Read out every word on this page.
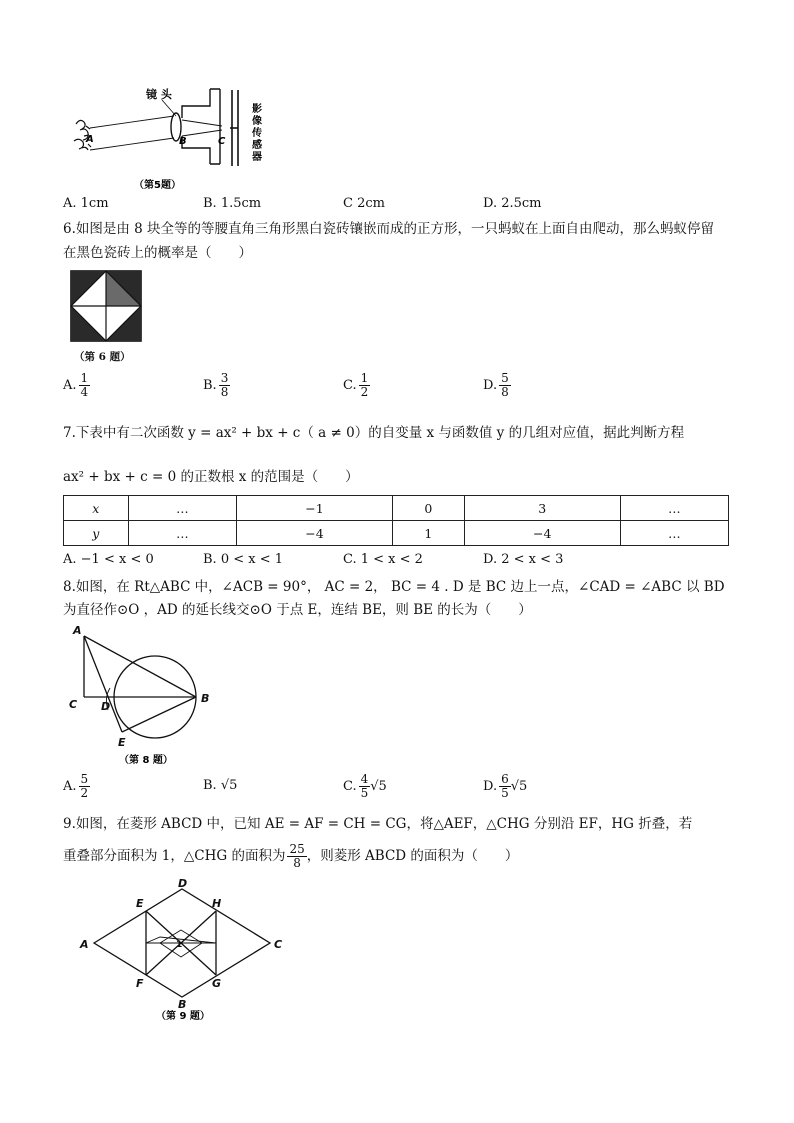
镜 头
A	B	C
影
像
传
感
器
（第5题）
A. 1cm	B. 1.5cm	C 2cm	D. 2.5cm
6.如图是由 8 块全等的等腰直角三角形黑白瓷砖镶嵌而成的正方形，一只蚂蚁在上面自由爬动，那么蚂蚁停留
在黑色瓷砖上的概率是（　　）
（第 6 题）
A. $\frac{1}{4}$	B. $\frac{3}{8}$	C. $\frac{1}{2}$	D. $\frac{5}{8}$
7.下表中有二次函数 y = ax² + bx + c（ a ≠ 0）的自变量 x 与函数值 y 的几组对应值，据此判断方程
ax² + bx + c = 0 的正数根 x 的范围是（　　）
x	…	−1	0	3	…
y	…	−4	1	−4	…
A. −1 < x < 0	B. 0 < x < 1	C. 1 < x < 2	D. 2 < x < 3
8.如图，在 Rt△ABC 中，∠ACB = 90°， AC = 2， BC = 4 . D 是 BC 边上一点，∠CAD = ∠ABC 以 BD
为直径作⊙O ，AD 的延长线交⊙O 于点 E，连结 BE，则 BE 的长为（　　）
A
C D
B
E
（第 8 题）
A. $\frac{5}{2}$	B. √5	C. $\frac{4}{5} √5$	D. $\frac{6}{5} √5$
9.如图，在菱形 ABCD 中，已知 AE = AF = CH = CG，将△AEF，△CHG 分别沿 EF，HG 折叠，若
重叠部分面积为 1，△CHG 的面积为 $\frac{25}{8}$ ，则菱形 ABCD 的面积为（　　）
A
D
C
B
E
F
H
G
1
（第 9 题）
